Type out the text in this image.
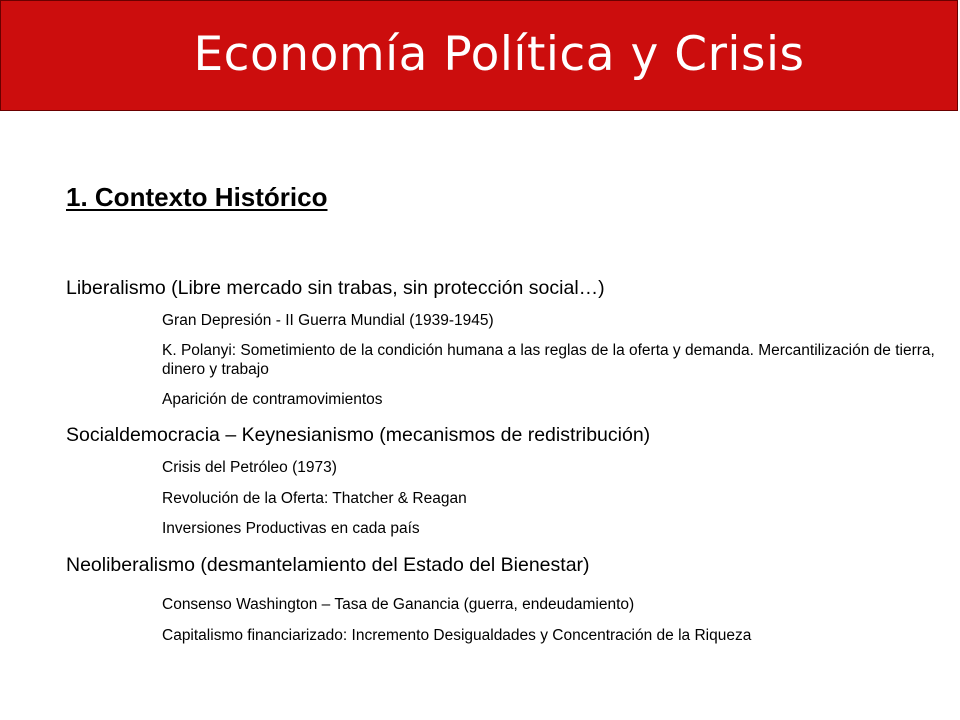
Economía Política y Crisis
1. Contexto Histórico

Liberalismo (Libre mercado sin trabas, sin protección social…)

Gran Depresión - II Guerra Mundial (1939-1945)

K. Polanyi: Sometimiento de la condición humana a las reglas de la oferta y demanda. Mercantilización de tierra, dinero y trabajo

Aparición de contramovimientos

Socialdemocracia – Keynesianismo (mecanismos de redistribución)

Crisis del Petróleo (1973)

Revolución de la Oferta: Thatcher & Reagan

Inversiones Productivas en cada país

Neoliberalismo (desmantelamiento del Estado del Bienestar)

Consenso Washington – Tasa de Ganancia (guerra, endeudamiento)

Capitalismo financiarizado: Incremento Desigualdades y Concentración de la Riqueza
